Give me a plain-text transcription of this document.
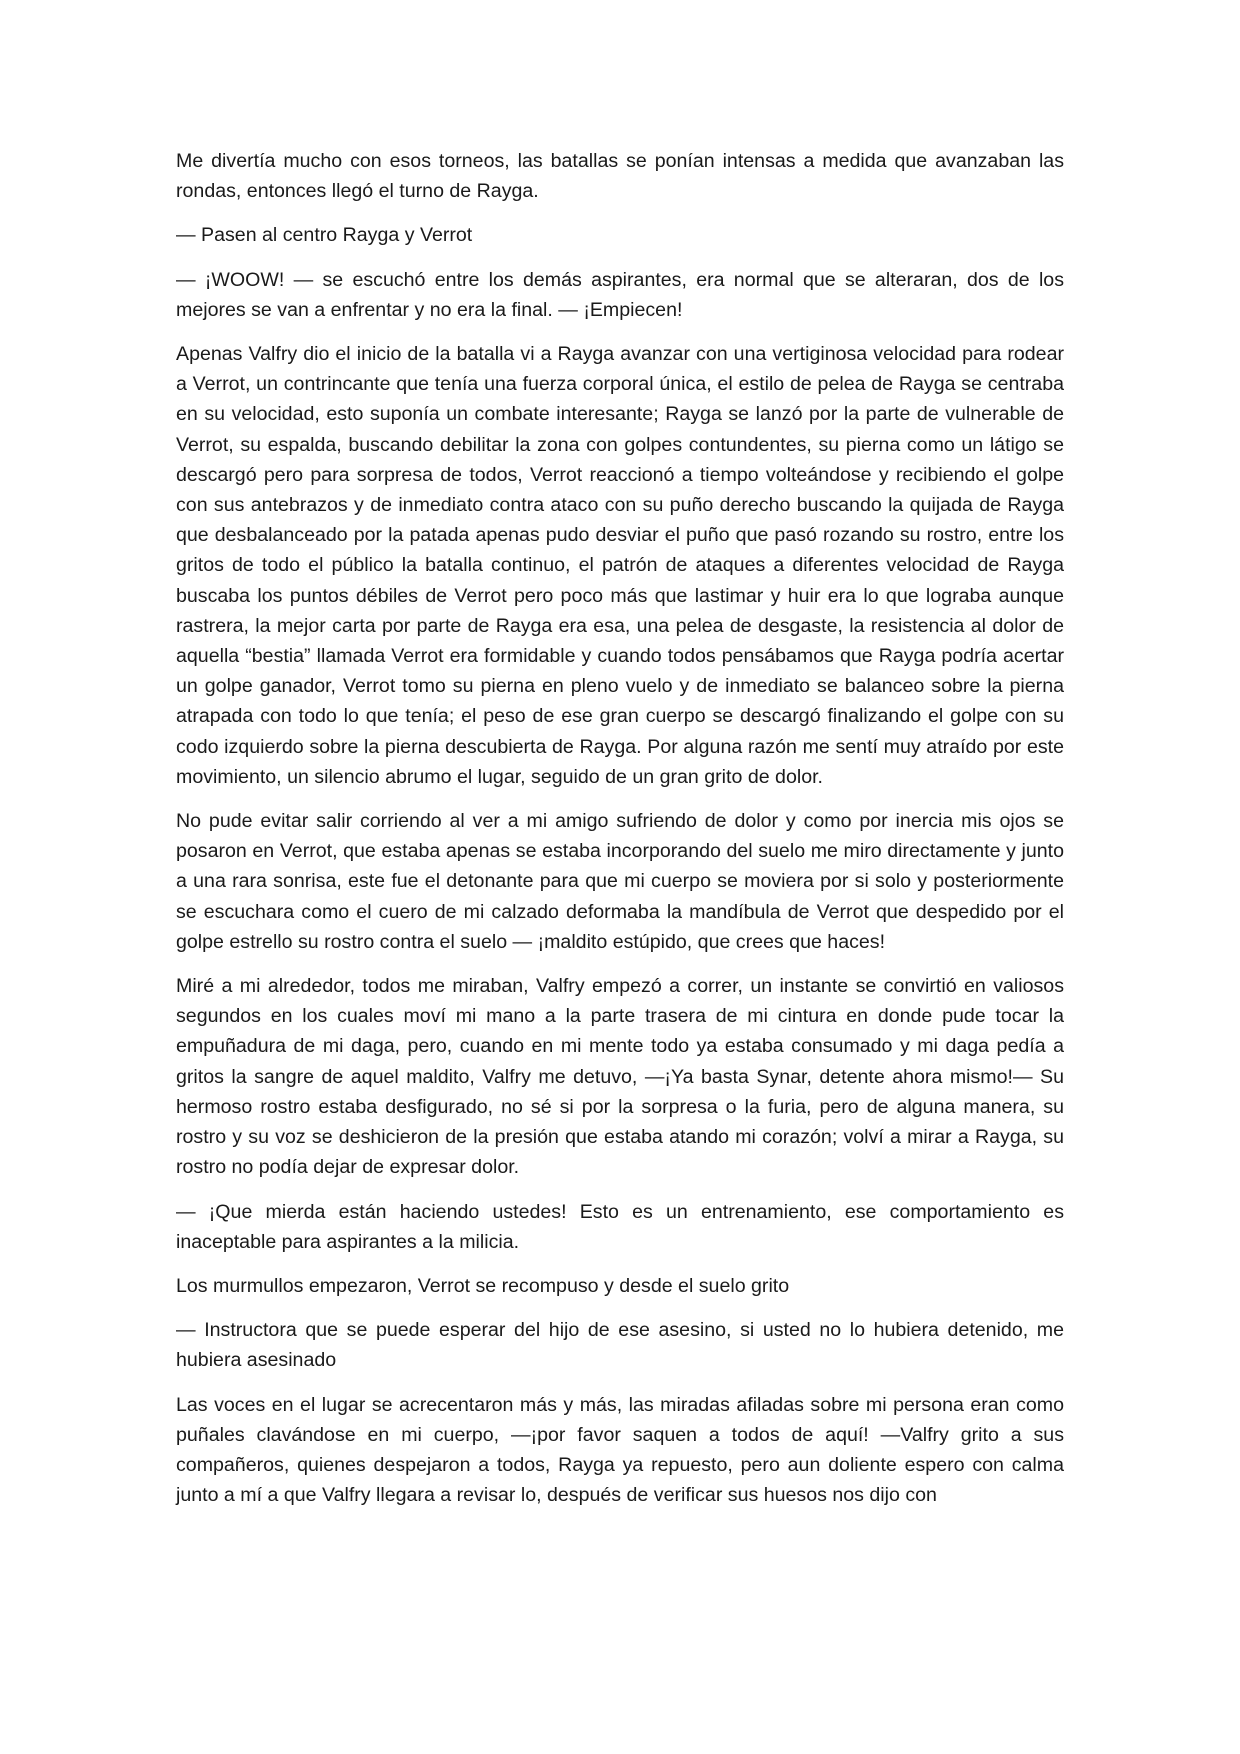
Me divertía mucho con esos torneos, las batallas se ponían intensas a medida que avanzaban las rondas, entonces llegó el turno de Rayga.

— Pasen al centro Rayga y Verrot

— ¡WOOW! — se escuchó entre los demás aspirantes, era normal que se alteraran, dos de los mejores se van a enfrentar y no era la final. — ¡Empiecen!

Apenas Valfry dio el inicio de la batalla vi a Rayga avanzar con una vertiginosa velocidad para rodear a Verrot, un contrincante que tenía una fuerza corporal única, el estilo de pelea de Rayga se centraba en su velocidad, esto suponía un combate interesante; Rayga se lanzó por la parte de vulnerable de Verrot, su espalda, buscando debilitar la zona con golpes contundentes, su pierna como un látigo se descargó pero para sorpresa de todos, Verrot reaccionó a tiempo volteándose y recibiendo el golpe con sus antebrazos y de inmediato contra ataco con su puño derecho buscando la quijada de Rayga que desbalanceado por la patada apenas pudo desviar el puño que pasó rozando su rostro, entre los gritos de todo el público la batalla continuo, el patrón de ataques a diferentes velocidad de Rayga buscaba los puntos débiles de Verrot pero poco más que lastimar y huir era lo que lograba aunque rastrera, la mejor carta por parte de Rayga era esa, una pelea de desgaste, la resistencia al dolor de aquella “bestia” llamada Verrot era formidable y cuando todos pensábamos que Rayga podría acertar un golpe ganador, Verrot tomo su pierna en pleno vuelo y de inmediato se balanceo sobre la pierna atrapada con todo lo que tenía; el peso de ese gran cuerpo se descargó finalizando el golpe con su codo izquierdo sobre la pierna descubierta de Rayga. Por alguna razón me sentí muy atraído por este movimiento, un silencio abrumo el lugar, seguido de un gran grito de dolor.

No pude evitar salir corriendo al ver a mi amigo sufriendo de dolor y como por inercia mis ojos se posaron en Verrot, que estaba apenas se estaba incorporando del suelo me miro directamente y junto a una rara sonrisa, este fue el detonante para que mi cuerpo se moviera por si solo y posteriormente se escuchara como el cuero de mi calzado deformaba la mandíbula de Verrot que despedido por el golpe estrello su rostro contra el suelo — ¡maldito estúpido, que crees que haces!

Miré a mi alrededor, todos me miraban, Valfry empezó a correr, un instante se convirtió en valiosos segundos en los cuales moví mi mano a la parte trasera de mi cintura en donde pude tocar la empuñadura de mi daga, pero, cuando en mi mente todo ya estaba consumado y mi daga pedía a gritos la sangre de aquel maldito, Valfry me detuvo, —¡Ya basta Synar, detente ahora mismo!— Su hermoso rostro estaba desfigurado, no sé si por la sorpresa o la furia, pero de alguna manera, su rostro y su voz se deshicieron de la presión que estaba atando mi corazón; volví a mirar a Rayga, su rostro no podía dejar de expresar dolor.

— ¡Que mierda están haciendo ustedes! Esto es un entrenamiento, ese comportamiento es inaceptable para aspirantes a la milicia.

Los murmullos empezaron, Verrot se recompuso y desde el suelo grito

— Instructora que se puede esperar del hijo de ese asesino, si usted no lo hubiera detenido, me hubiera asesinado

Las voces en el lugar se acrecentaron más y más, las miradas afiladas sobre mi persona eran como puñales clavándose en mi cuerpo, —¡por favor saquen a todos de aquí! —Valfry grito a sus compañeros, quienes despejaron a todos, Rayga ya repuesto, pero aun doliente espero con calma junto a mí a que Valfry llegara a revisar lo, después de verificar sus huesos nos dijo con
